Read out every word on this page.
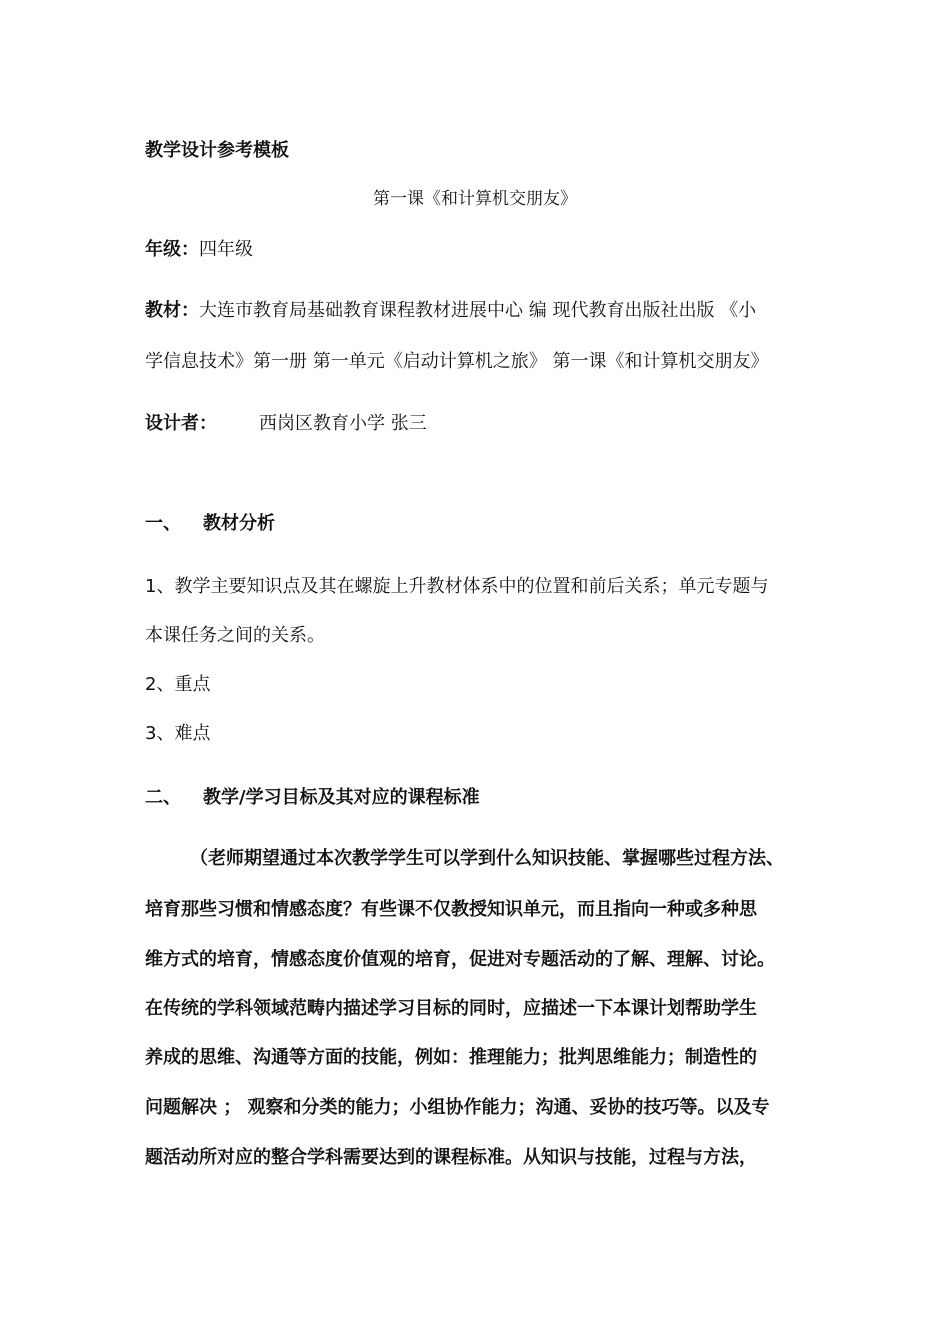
教学设计参考模板
第一课《和计算机交朋友》
年级：四年级
教材：大连市教育局基础教育课程教材进展中心 编 现代教育出版社出版 《小
学信息技术》第一册 第一单元《启动计算机之旅》 第一课《和计算机交朋友》
设计者： 西岗区教育小学 张三
一、 教材分析
1、教学主要知识点及其在螺旋上升教材体系中的位置和前后关系；单元专题与
本课任务之间的关系。
2、重点
3、难点
二、 教学/学习目标及其对应的课程标准
（老师期望通过本次教学学生可以学到什么知识技能、掌握哪些过程方法、
培育那些习惯和情感态度？有些课不仅教授知识单元，而且指向一种或多种思
维方式的培育，情感态度价值观的培育，促进对专题活动的了解、理解、讨论。
在传统的学科领域范畴内描述学习目标的同时，应描述一下本课计划帮助学生
养成的思维、沟通等方面的技能，例如：推理能力；批判思维能力；制造性的
问题解决 ； 观察和分类的能力；小组协作能力；沟通、妥协的技巧等。以及专
题活动所对应的整合学科需要达到的课程标准。从知识与技能，过程与方法，
